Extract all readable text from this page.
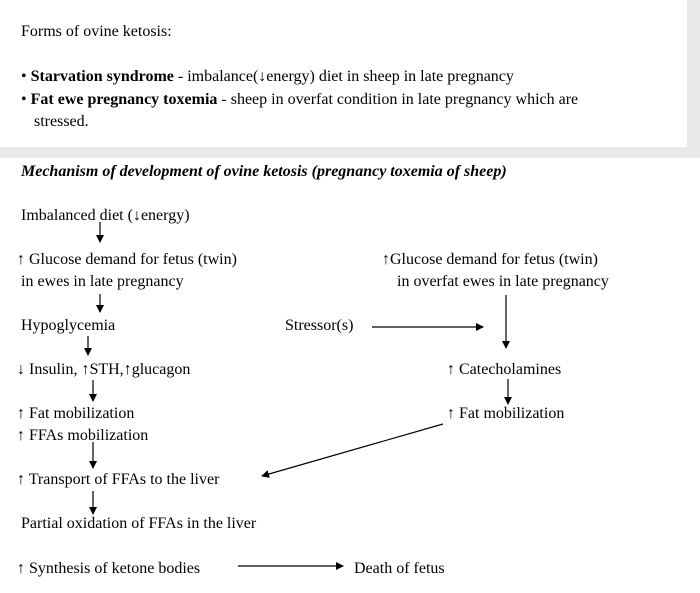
Forms of ovine ketosis:
• Starvation syndrome - imbalance(↓energy) diet in sheep in late pregnancy
• Fat ewe pregnancy toxemia - sheep in overfat condition in late pregnancy which are
stressed.
Mechanism of development of ovine ketosis (pregnancy toxemia of sheep)
Imbalanced diet (↓energy)
↑ Glucose demand for fetus (twin)
in ewes in late pregnancy
Hypoglycemia
↓ Insulin, ↑STH,↑glucagon
↑ Fat mobilization
↑ FFAs mobilization
↑ Transport of FFAs to the liver
Partial oxidation of FFAs in the liver
↑ Synthesis of ketone bodies	Death of fetus
Stressor(s)
↑Glucose demand for fetus (twin)
in overfat ewes in late pregnancy
↑ Catecholamines
↑ Fat mobilization
